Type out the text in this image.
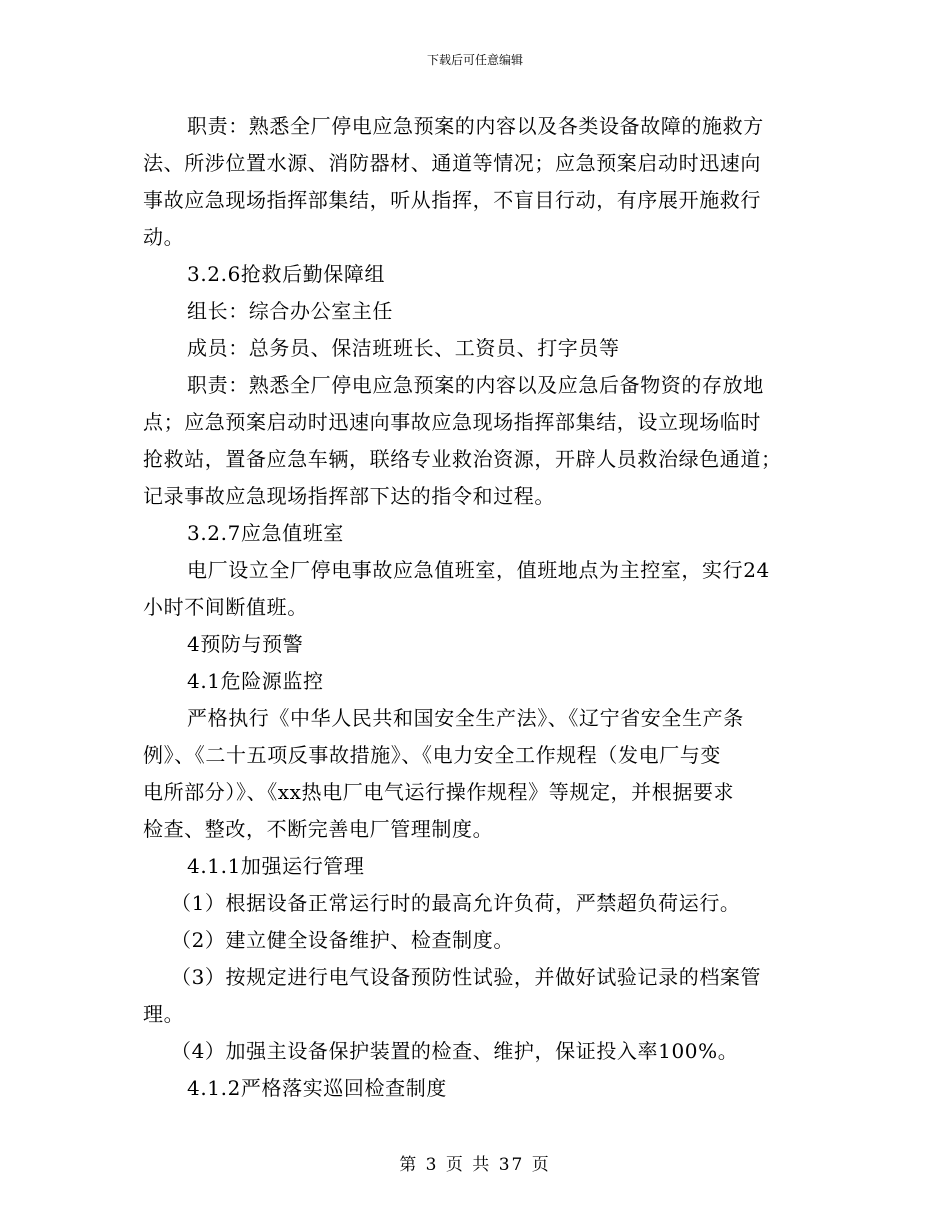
下载后可任意编辑
职责：熟悉全厂停电应急预案的内容以及各类设备故障的施救方
法、所涉位置水源、消防器材、通道等情况；应急预案启动时迅速向
事故应急现场指挥部集结，听从指挥，不盲目行动，有序展开施救行
动。
3.2.6抢救后勤保障组
组长：综合办公室主任
成员：总务员、保洁班班长、工资员、打字员等
职责：熟悉全厂停电应急预案的内容以及应急后备物资的存放地
点；应急预案启动时迅速向事故应急现场指挥部集结，设立现场临时
抢救站，置备应急车辆，联络专业救治资源，开辟人员救治绿色通道；
记录事故应急现场指挥部下达的指令和过程。
3.2.7应急值班室
电厂设立全厂停电事故应急值班室，值班地点为主控室，实行24
小时不间断值班。
4预防与预警
4.1危险源监控
严格执行《中华人民共和国安全生产法》、《辽宁省安全生产条
例》、《二十五项反事故措施》、《电力安全工作规程（发电厂与变
电所部分）》、《xx热电厂电气运行操作规程》等规定，并根据要求
检查、整改，不断完善电厂管理制度。
4.1.1加强运行管理
（1）根据设备正常运行时的最高允许负荷，严禁超负荷运行。
（2）建立健全设备维护、检查制度。
（3）按规定进行电气设备预防性试验，并做好试验记录的档案管
理。
（4）加强主设备保护装置的检查、维护，保证投入率100%。
4.1.2严格落实巡回检查制度
第 3 页 共 37 页
